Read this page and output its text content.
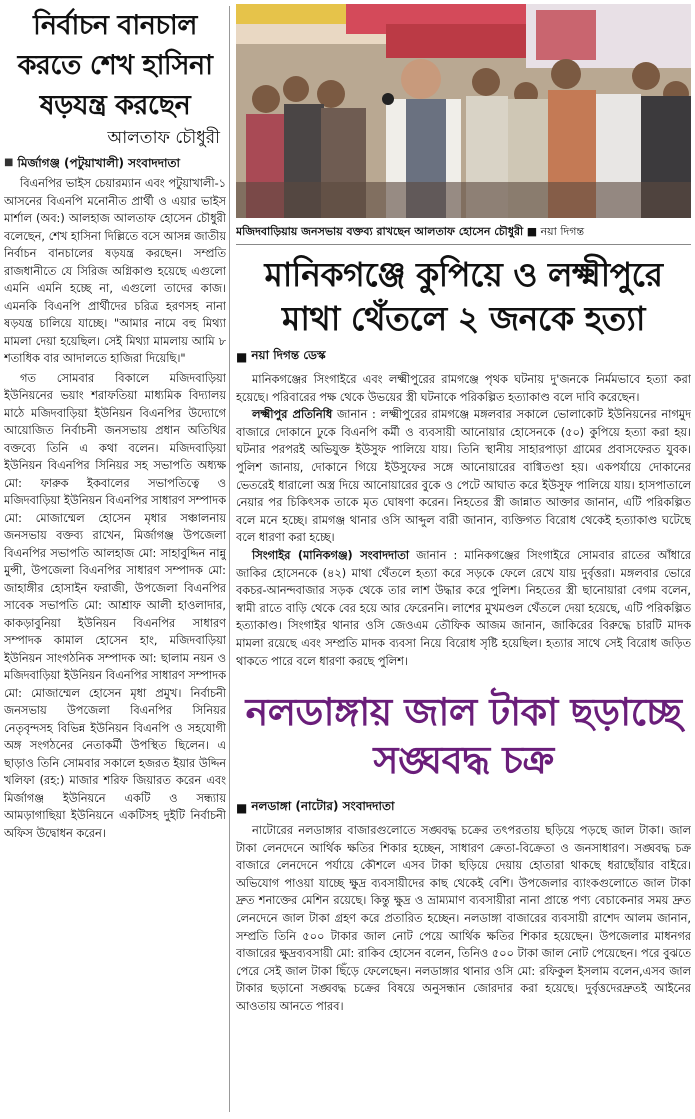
নির্বাচন বানচাল করতে শেখ হাসিনা ষড়যন্ত্র করছেন
আলতাফ চৌধুরী
■ মির্জাগঞ্জ (পটুয়াখালী) সংবাদদাতা

বিএনপির ভাইস চেয়ারম্যান এবং পটুয়াখালী-১ আসনের বিএনপি মনোনীত প্রার্থী ও এয়ার ভাইস মার্শাল (অব:) আলহাজ আলতাফ হোসেন চৌধুরী বলেছেন, শেখ হাসিনা দিল্লিতে বসে আসন্ন জাতীয় নির্বাচন বানচালের ষড়যন্ত্র করছেন। সম্প্রতি রাজধানীতে যে সিরিজ অগ্নিকাণ্ড হয়েছে এগুলো এমনি এমনি হচ্ছে না, এগুলো তাদের কাজ। এমনকি বিএনপি প্রার্থীদের চরিত্র হরণসহ নানা ষড়যন্ত্র চালিয়ে যাচ্ছে। "আমার নামে বহু মিথ্যা মামলা দেয়া হয়েছিল। সেই মিথ্যা মামলায় আমি ৮ শতাধিক বার আদালতে হাজিরা দিয়েছি।"

গত সোমবার বিকালে মজিদবাড়িয়া ইউনিয়নের ভয়াং শরাফতিয়া মাধ্যমিক বিদ্যালয় মাঠে মজিদবাড়িয়া ইউনিয়ন বিএনপির উদ্যোগে আয়োজিত নির্বাচনী জনসভায় প্রধান অতিথির বক্তব্যে তিনি এ কথা বলেন। মজিদবাড়িয়া ইউনিয়ন বিএনপির সিনিয়র সহ সভাপতি অধ্যক্ষ মো: ফারুক ইকবালের সভাপতিত্বে ও মজিদবাড়িয়া ইউনিয়ন বিএনপির সাধারণ সম্পাদক মো: মোজাম্মেল হোসেন মৃধার সঞ্চালনায় জনসভায় বক্তব্য রাখেন, মির্জাগঞ্জ উপজেলা বিএনপির সভাপতি আলহাজ মো: সাহাবুদ্দিন নান্নু মুন্সী, উপজেলা বিএনপির সাধারণ সম্পাদক মো: জাহাঙ্গীর হোসাইন ফরাজী, উপজেলা বিএনপির সাবেক সভাপতি মো: আশ্রাফ আলী হাওলাদার, কাকড়াবুনিয়া ইউনিয়ন বিএনপির সাধারণ সম্পাদক কামাল হোসেন হাং, মজিদবাড়িয়া ইউনিয়ন সাংগঠনিক সম্পাদক আ: ছালাম নয়ন ও মজিদবাড়িয়া ইউনিয়ন বিএনপির সাধারণ সম্পাদক মো: মোজাম্মেল হোসেন মৃধা প্রমুখ। নির্বাচনী জনসভায় উপজেলা বিএনপির সিনিয়র নেতৃবৃন্দসহ বিভিন্ন ইউনিয়ন বিএনপি ও সহযোগী অঙ্গ সংগঠনের নেতাকর্মী উপস্থিত ছিলেন। এ ছাড়াও তিনি সোমবার সকালে হজরত ইয়ার উদ্দিন খলিফা (রহ:) মাজার শরিফ জিয়ারত করেন এবং মির্জাগঞ্জ ইউনিয়নে একটি ও সন্ধ্যায় আমড়াগাছিয়া ইউনিয়নে একটিসহ দুইটি নির্বাচনী অফিস উদ্বোধন করেন।

মজিদবাড়িয়ায় জনসভায় বক্তব্য রাখছেন আলতাফ হোসেন চৌধুরী ■ নয়া দিগন্ত
মানিকগঞ্জে কুপিয়ে ও লক্ষ্মীপুরে মাথা থেঁতলে ২ জনকে হত্যা
■ নয়া দিগন্ত ডেস্ক

মানিকগঞ্জের সিংগাইরে এবং লক্ষ্মীপুরের রামগঞ্জে পৃথক ঘটনায় দু'জনকে নির্মমভাবে হত্যা করা হয়েছে। পরিবারের পক্ষ থেকে উভয়ের স্ত্রী ঘটনাকে পরিকল্পিত হত্যাকাণ্ড বলে দাবি করেছেন।

লক্ষ্মীপুর প্রতিনিধি জানান : লক্ষ্মীপুরের রামগঞ্জে মঙ্গলবার সকালে ভোলাকোট ইউনিয়নের নাগমুদ বাজারে দোকানে ঢুকে বিএনপি কর্মী ও ব্যবসায়ী আনোয়ার হোসেনকে (৫০) কুপিয়ে হত্যা করা হয়। ঘটনার পরপরই অভিযুক্ত ইউসুফ পালিয়ে যায়। তিনি স্থানীয় সাহারপাড়া গ্রামের প্রবাসফেরত যুবক। পুলিশ জানায়, দোকানে গিয়ে ইউসুফের সঙ্গে আনোয়ারের বাগ্বিতণ্ডা হয়। একপর্যায়ে দোকানের ভেতরেই ধারালো অস্ত্র দিয়ে আনোয়ারের বুকে ও পেটে আঘাত করে ইউসুফ পালিয়ে যায়। হাসপাতালে নেয়ার পর চিকিৎসক তাকে মৃত ঘোষণা করেন। নিহতের স্ত্রী জান্নাত আক্তার জানান, এটি পরিকল্পিত বলে মনে হচ্ছে। রামগঞ্জ থানার ওসি আব্দুল বারী জানান, ব্যক্তিগত বিরোধ থেকেই হত্যাকাণ্ড ঘটেছে বলে ধারণা করা হচ্ছে।

সিংগাইর (মানিকগঞ্জ) সংবাদদাতা জানান : মানিকগঞ্জের সিংগাইরে সোমবার রাতের আঁধারে জাকির হোসেনকে (৪২) মাথা থেঁতলে হত্যা করে সড়কে ফেলে রেখে যায় দুর্বৃত্তরা। মঙ্গলবার ভোরে বকচর-আনন্দবাজার সড়ক থেকে তার লাশ উদ্ধার করে পুলিশ। নিহতের স্ত্রী ছানোয়ারা বেগম বলেন, স্বামী রাতে বাড়ি থেকে বের হয়ে আর ফেরেননি। লাশের মুখমণ্ডল থেঁতলে দেয়া হয়েছে, এটি পরিকল্পিত হত্যাকাণ্ড। সিংগাইর থানার ওসি জেওএম তৌফিক আজম জানান, জাকিরের বিরুদ্ধে চারটি মাদক মামলা রয়েছে এবং সম্প্রতি মাদক ব্যবসা নিয়ে বিরোধ সৃষ্টি হয়েছিল। হত্যার সাথে সেই বিরোধ জড়িত থাকতে পারে বলে ধারণা করছে পুলিশ।

নলডাঙ্গায় জাল টাকা ছড়াচ্ছে সঙ্ঘবদ্ধ চক্র
■ নলডাঙ্গা (নাটোর) সংবাদদাতা

নাটোরের নলডাঙ্গার বাজারগুলোতে সঙ্ঘবদ্ধ চক্রের তৎপরতায় ছড়িয়ে পড়ছে জাল টাকা। জাল টাকা লেনদেনে আর্থিক ক্ষতির শিকার হচ্ছেন, সাধারণ ক্রেতা-বিক্রেতা ও জনসাধারণ। সঙ্ঘবদ্ধ চক্র বাজারে লেনদেনে পর্যায়ে কৌশলে এসব টাকা ছড়িয়ে দেয়ায় হোতারা থাকছে ধরাছোঁয়ার বাইরে। অভিযোগ পাওয়া যাচ্ছে ক্ষুদ্র ব্যবসায়ীদের কাছ থেকেই বেশি। উপজেলার ব্যাংকগুলোতে জাল টাকা দ্রুত শনাক্তের মেশিন রয়েছে। কিন্তু ক্ষুদ্র ও ভ্রাম্যমাণ ব্যবসায়ীরা নানা প্রান্তে পণ্য বেচাকেনার সময় দ্রুত লেনদেনে জাল টাকা গ্রহণ করে প্রতারিত হচ্ছেন। নলডাঙ্গা বাজারের ব্যবসায়ী রাশেদ আলম জানান, সম্প্রতি তিনি ৫০০ টাকার জাল নোট পেয়ে আর্থিক ক্ষতির শিকার হয়েছেন। উপজেলার মাধনগর বাজারের ক্ষুদ্রব্যবসায়ী মো: রাকিব হোসেন বলেন, তিনিও ৫০০ টাকা জাল নোট পেয়েছেন। পরে বুঝতে পেরে সেই জাল টাকা ছিঁড়ে ফেলেছেন। নলডাঙ্গার থানার ওসি মো: রফিকুল ইসলাম বলেন,এসব জাল টাকার ছড়ানো সঙ্ঘবদ্ধ চক্রের বিষয়ে অনুসন্ধান জোরদার করা হয়েছে। দুর্বৃত্তদেরদ্রুতই আইনের আওতায় আনতে পারব।
